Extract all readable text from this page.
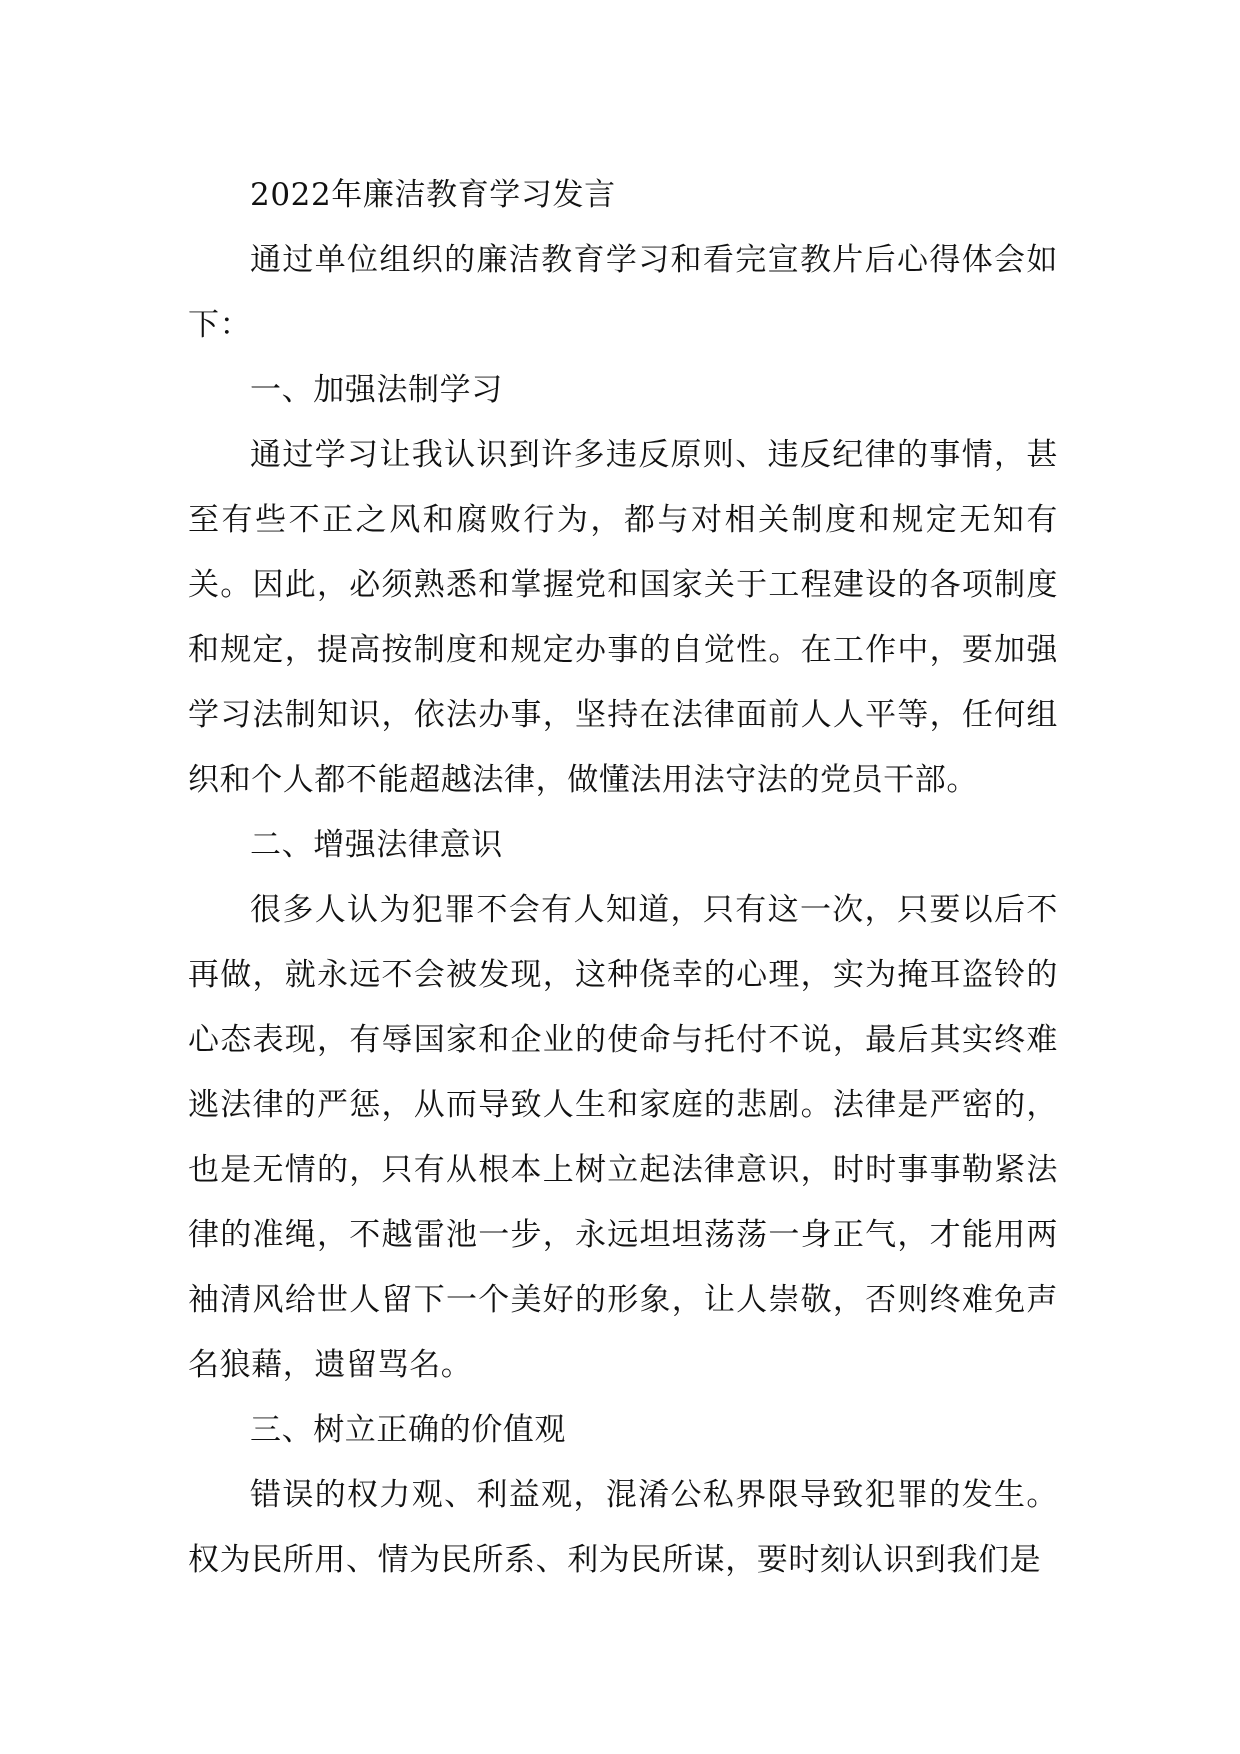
2022年廉洁教育学习发言

通过单位组织的廉洁教育学习和看完宣教片后心得体会如下：

一、加强法制学习

通过学习让我认识到许多违反原则、违反纪律的事情，甚至有些不正之风和腐败行为，都与对相关制度和规定无知有关。因此，必须熟悉和掌握党和国家关于工程建设的各项制度和规定，提高按制度和规定办事的自觉性。在工作中，要加强学习法制知识，依法办事，坚持在法律面前人人平等，任何组织和个人都不能超越法律，做懂法用法守法的党员干部。

二、增强法律意识

很多人认为犯罪不会有人知道，只有这一次，只要以后不再做，就永远不会被发现，这种侥幸的心理，实为掩耳盗铃的心态表现，有辱国家和企业的使命与托付不说，最后其实终难逃法律的严惩，从而导致人生和家庭的悲剧。法律是严密的，也是无情的，只有从根本上树立起法律意识，时时事事勒紧法律的准绳，不越雷池一步，永远坦坦荡荡一身正气，才能用两袖清风给世人留下一个美好的形象，让人崇敬，否则终难免声名狼藉，遗留骂名。

三、树立正确的价值观

错误的权力观、利益观，混淆公私界限导致犯罪的发生。权为民所用、情为民所系、利为民所谋，要时刻认识到我们是
